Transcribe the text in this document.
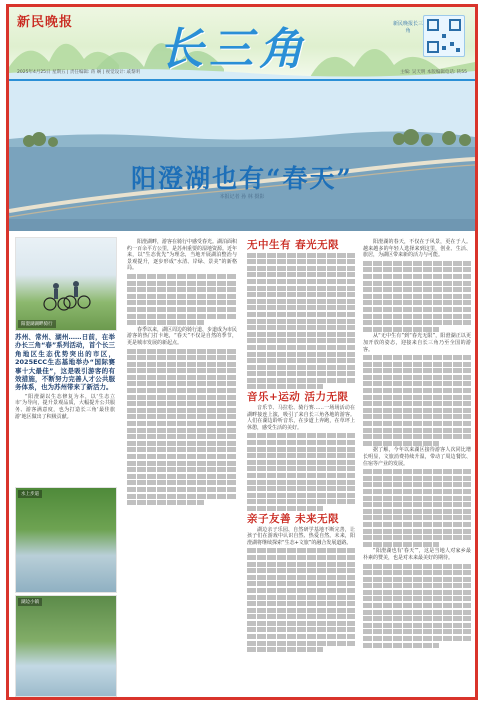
新民晚报
长三角	新民晚报长三角
2025年4月25日 星期五 | 责任编辑: 蒋 娴 | 视觉设计: 戚黎明	主编: 吴天明 本版编辑电话: 转55
阳澄湖也有“春天”
本报记者 孙 林 摄影
阳澄湖湖畔骑行

苏州、常州、湖州……日前，在举办长三角“春”系列活动，首个长三角地区生态优势突出的市区，2025ECC生态基地举办“国际赛事十大最佳”，这是吸引游客的有效措施，不断努力完善人才公共服务体系，也为苏州带来了新活力。

“阳澄湖以生态修复为本，以‘生态立市’为导向，提升景观品质，大幅提升公共服务、游客满意度，也为打造长三角‘最佳旅游’地区做出了积极贡献。

水上步道
湖边小镇

阳澄湖畔，游客在骑行中感受春光。湖泊面积约一百余平方公里，是苏州重要的湿地资源。近年来，以“生态优先”为理念，当地开展湖泊整治与景观提升，逐步形成“水清、岸绿、景美”的新格局。

春季以来，湖区周边的骑行道、步道成为市民游客的热门打卡地，“春天”不仅是自然的季节，更是城市发展的新起点。

无中生有 春光无限
音乐+运动 活力无限

音乐节、马拉松、骑行赛……一场场活动在湖畔接连上演，吸引了来自长三角各地的游客。人们在湖边聆听音乐，在步道上奔跑，在草坪上休憩，感受生活的美好。

亲子友善 未来无限

湖边亲子乐园、自然研学基地不断完善，让孩子们在游戏中认识自然、热爱自然。未来，阳澄湖将继续探索“生态+文旅”的融合发展道路。

阳澄湖的春天，不仅在于风景，更在于人。越来越多的年轻人选择来到这里，创业、生活、旅居，为湖区带来新的活力与可能。

从“无中生有”到“春光无限”，阳澄湖正以更加开放的姿态，迎接来自长三角乃至全国的游客。

据了解，今年以来湖区接待游客人次同比增长明显，文旅消费持续升温，带动了周边餐饮、住宿等产业的发展。

“阳澄湖也有‘春天’”，这是当地人对家乡最朴素的赞美，也是对未来最美好的期待。
